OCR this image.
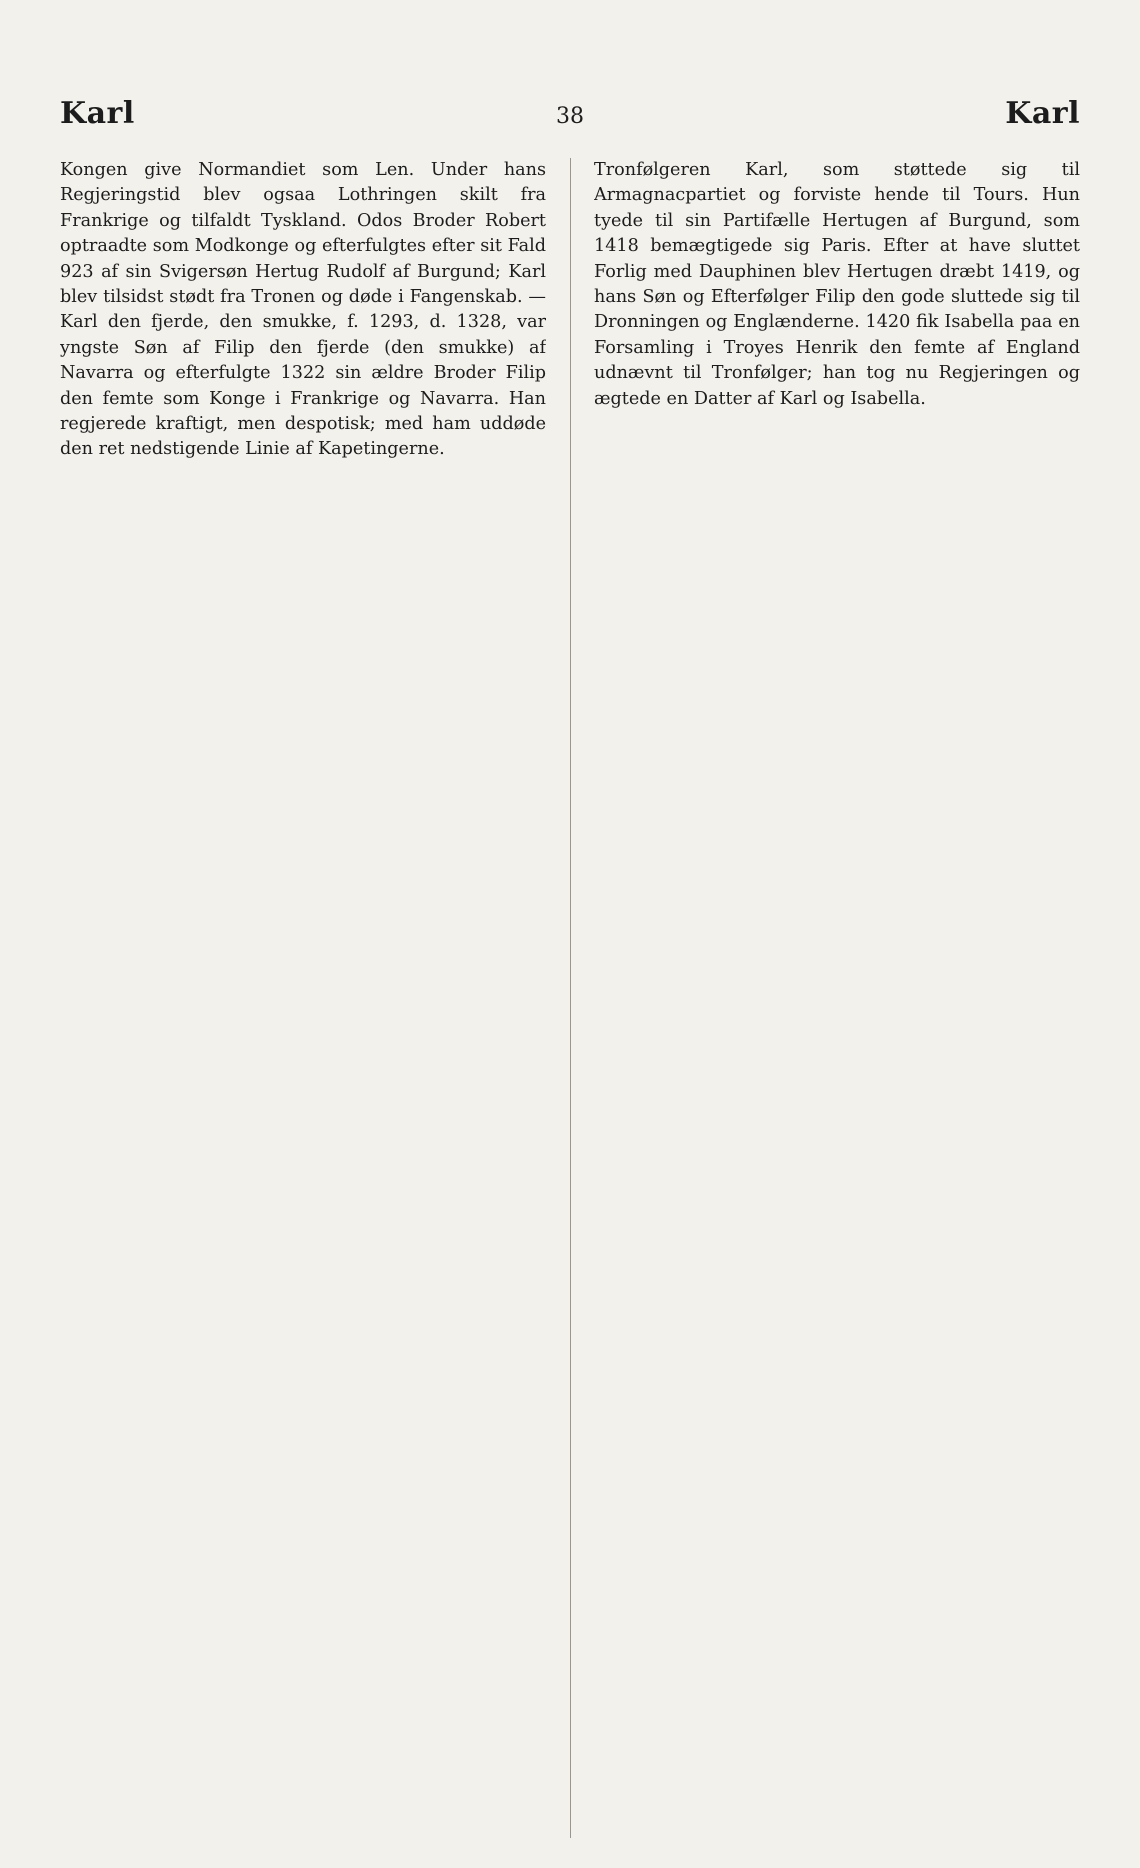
Karl	38	Karl

Kongen give Normandiet som Len. Under hans Regjeringstid blev ogsaa Lothringen skilt fra Frankrige og tilfaldt Tyskland. Odos Broder Robert optraadte som Modkonge og efterfulgtes efter sit Fald 923 af sin Svigersøn Hertug Rudolf af Burgund; Karl blev tilsidst stødt fra Tronen og døde i Fangenskab. — Karl den fjerde, den smukke, f. 1293, d. 1328, var yngste Søn af Filip den fjerde (den smukke) af Navarra og efterfulgte 1322 sin ældre Broder Filip den femte som Konge i Frankrige og Navarra. Han regjerede kraftigt, men despotisk; med ham uddøde den ret nedstigende Linie af Kapetingerne.

Tronfølgeren Karl, som støttede sig til Armagnacpartiet og forviste hende til Tours. Hun tyede til sin Partifælle Hertugen af Burgund, som 1418 bemægtigede sig Paris. Efter at have sluttet Forlig med Dauphinen blev Hertugen dræbt 1419, og hans Søn og Efterfølger Filip den gode sluttede sig til Dronningen og Englænderne. 1420 fik Isabella paa en Forsamling i Troyes Henrik den femte af England udnævnt til Tronfølger; han tog nu Regjeringen og ægtede en Datter af Karl og Isabella.
